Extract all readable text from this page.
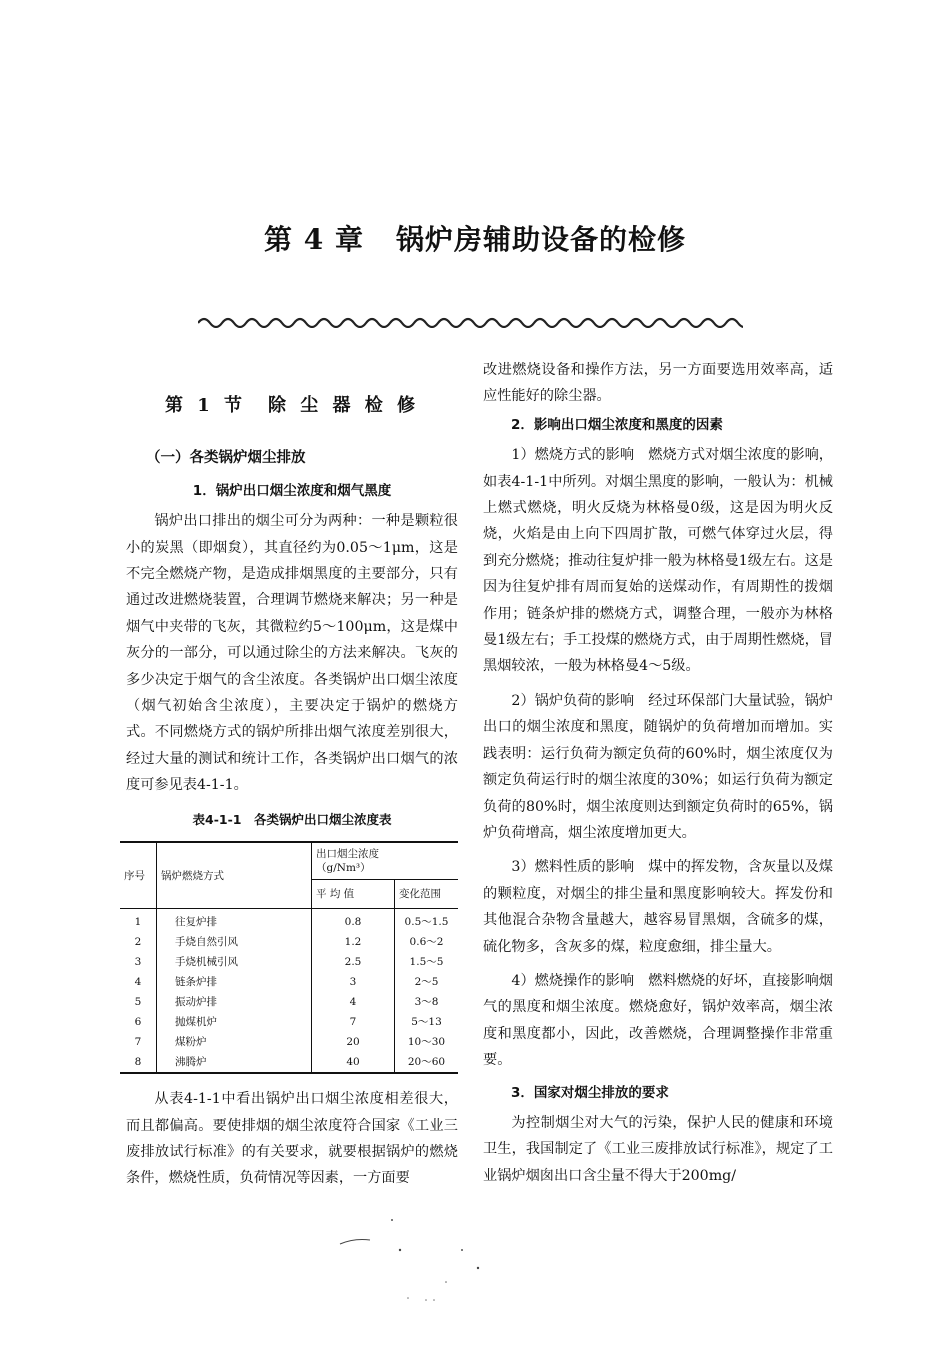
第 4 章 锅炉房辅助设备的检修
第 1 节　除 尘 器 检 修
（一）各类锅炉烟尘排放
1．锅炉出口烟尘浓度和烟气黑度

锅炉出口排出的烟尘可分为两种：一种是颗粒很小的炭黑（即烟炱），其直径约为0.05～1μm，这是不完全燃烧产物，是造成排烟黑度的主要部分，只有通过改进燃烧装置，合理调节燃烧来解决；另一种是烟气中夹带的飞灰，其微粒约5～100μm，这是煤中灰分的一部分，可以通过除尘的方法来解决。飞灰的多少决定于烟气的含尘浓度。各类锅炉出口烟尘浓度（烟气初始含尘浓度），主要决定于锅炉的燃烧方式。不同燃烧方式的锅炉所排出烟气浓度差别很大，经过大量的测试和统计工作，各类锅炉出口烟气的浓度可参见表4-1-1。

表4-1-1　各类锅炉出口烟尘浓度表
序号	锅炉燃烧方式	出口烟尘浓度
（g/Nm³）	

		平 均 值	变化范围
1	往复炉排	0.8	0.5～1.5
2	手烧自然引风	1.2	0.6～2
3	手烧机械引风	2.5	1.5～5
4	链条炉排	3	2～5
5	振动炉排	4	3～8
6	抛煤机炉	7	5～13
7	煤粉炉	20	10～30
8	沸腾炉	40	20～60

从表4-1-1中看出锅炉出口烟尘浓度相差很大，而且都偏高。要使排烟的烟尘浓度符合国家《工业三废排放试行标准》的有关要求，就要根据锅炉的燃烧条件，燃烧性质，负荷情况等因素，一方面要

改进燃烧设备和操作方法，另一方面要选用效率高，适应性能好的除尘器。

2．影响出口烟尘浓度和黑度的因素

1）燃烧方式的影响　燃烧方式对烟尘浓度的影响，如表4-1-1中所列。对烟尘黑度的影响，一般认为：机械上燃式燃烧，明火反烧为林格曼0级，这是因为明火反烧，火焰是由上向下四周扩散，可燃气体穿过火层，得到充分燃烧；推动往复炉排一般为林格曼1级左右。这是因为往复炉排有周而复始的送煤动作，有周期性的拨烟作用；链条炉排的燃烧方式，调整合理，一般亦为林格曼1级左右；手工投煤的燃烧方式，由于周期性燃烧，冒黑烟较浓，一般为林格曼4～5级。

2）锅炉负荷的影响　经过环保部门大量试验，锅炉出口的烟尘浓度和黑度，随锅炉的负荷增加而增加。实践表明：运行负荷为额定负荷的60%时，烟尘浓度仅为额定负荷运行时的烟尘浓度的30%；如运行负荷为额定负荷的80%时，烟尘浓度则达到额定负荷时的65%，锅炉负荷增高，烟尘浓度增加更大。

3）燃料性质的影响　煤中的挥发物，含灰量以及煤的颗粒度，对烟尘的排尘量和黑度影响较大。挥发份和其他混合杂物含量越大，越容易冒黑烟，含硫多的煤，硫化物多，含灰多的煤，粒度愈细，排尘量大。

4）燃烧操作的影响　燃料燃烧的好坏，直接影响烟气的黑度和烟尘浓度。燃烧愈好，锅炉效率高，烟尘浓度和黑度都小，因此，改善燃烧，合理调整操作非常重要。

3．国家对烟尘排放的要求

为控制烟尘对大气的污染，保护人民的健康和环境卫生，我国制定了《工业三废排放试行标准》，规定了工业锅炉烟囱出口含尘量不得大于200mg/
